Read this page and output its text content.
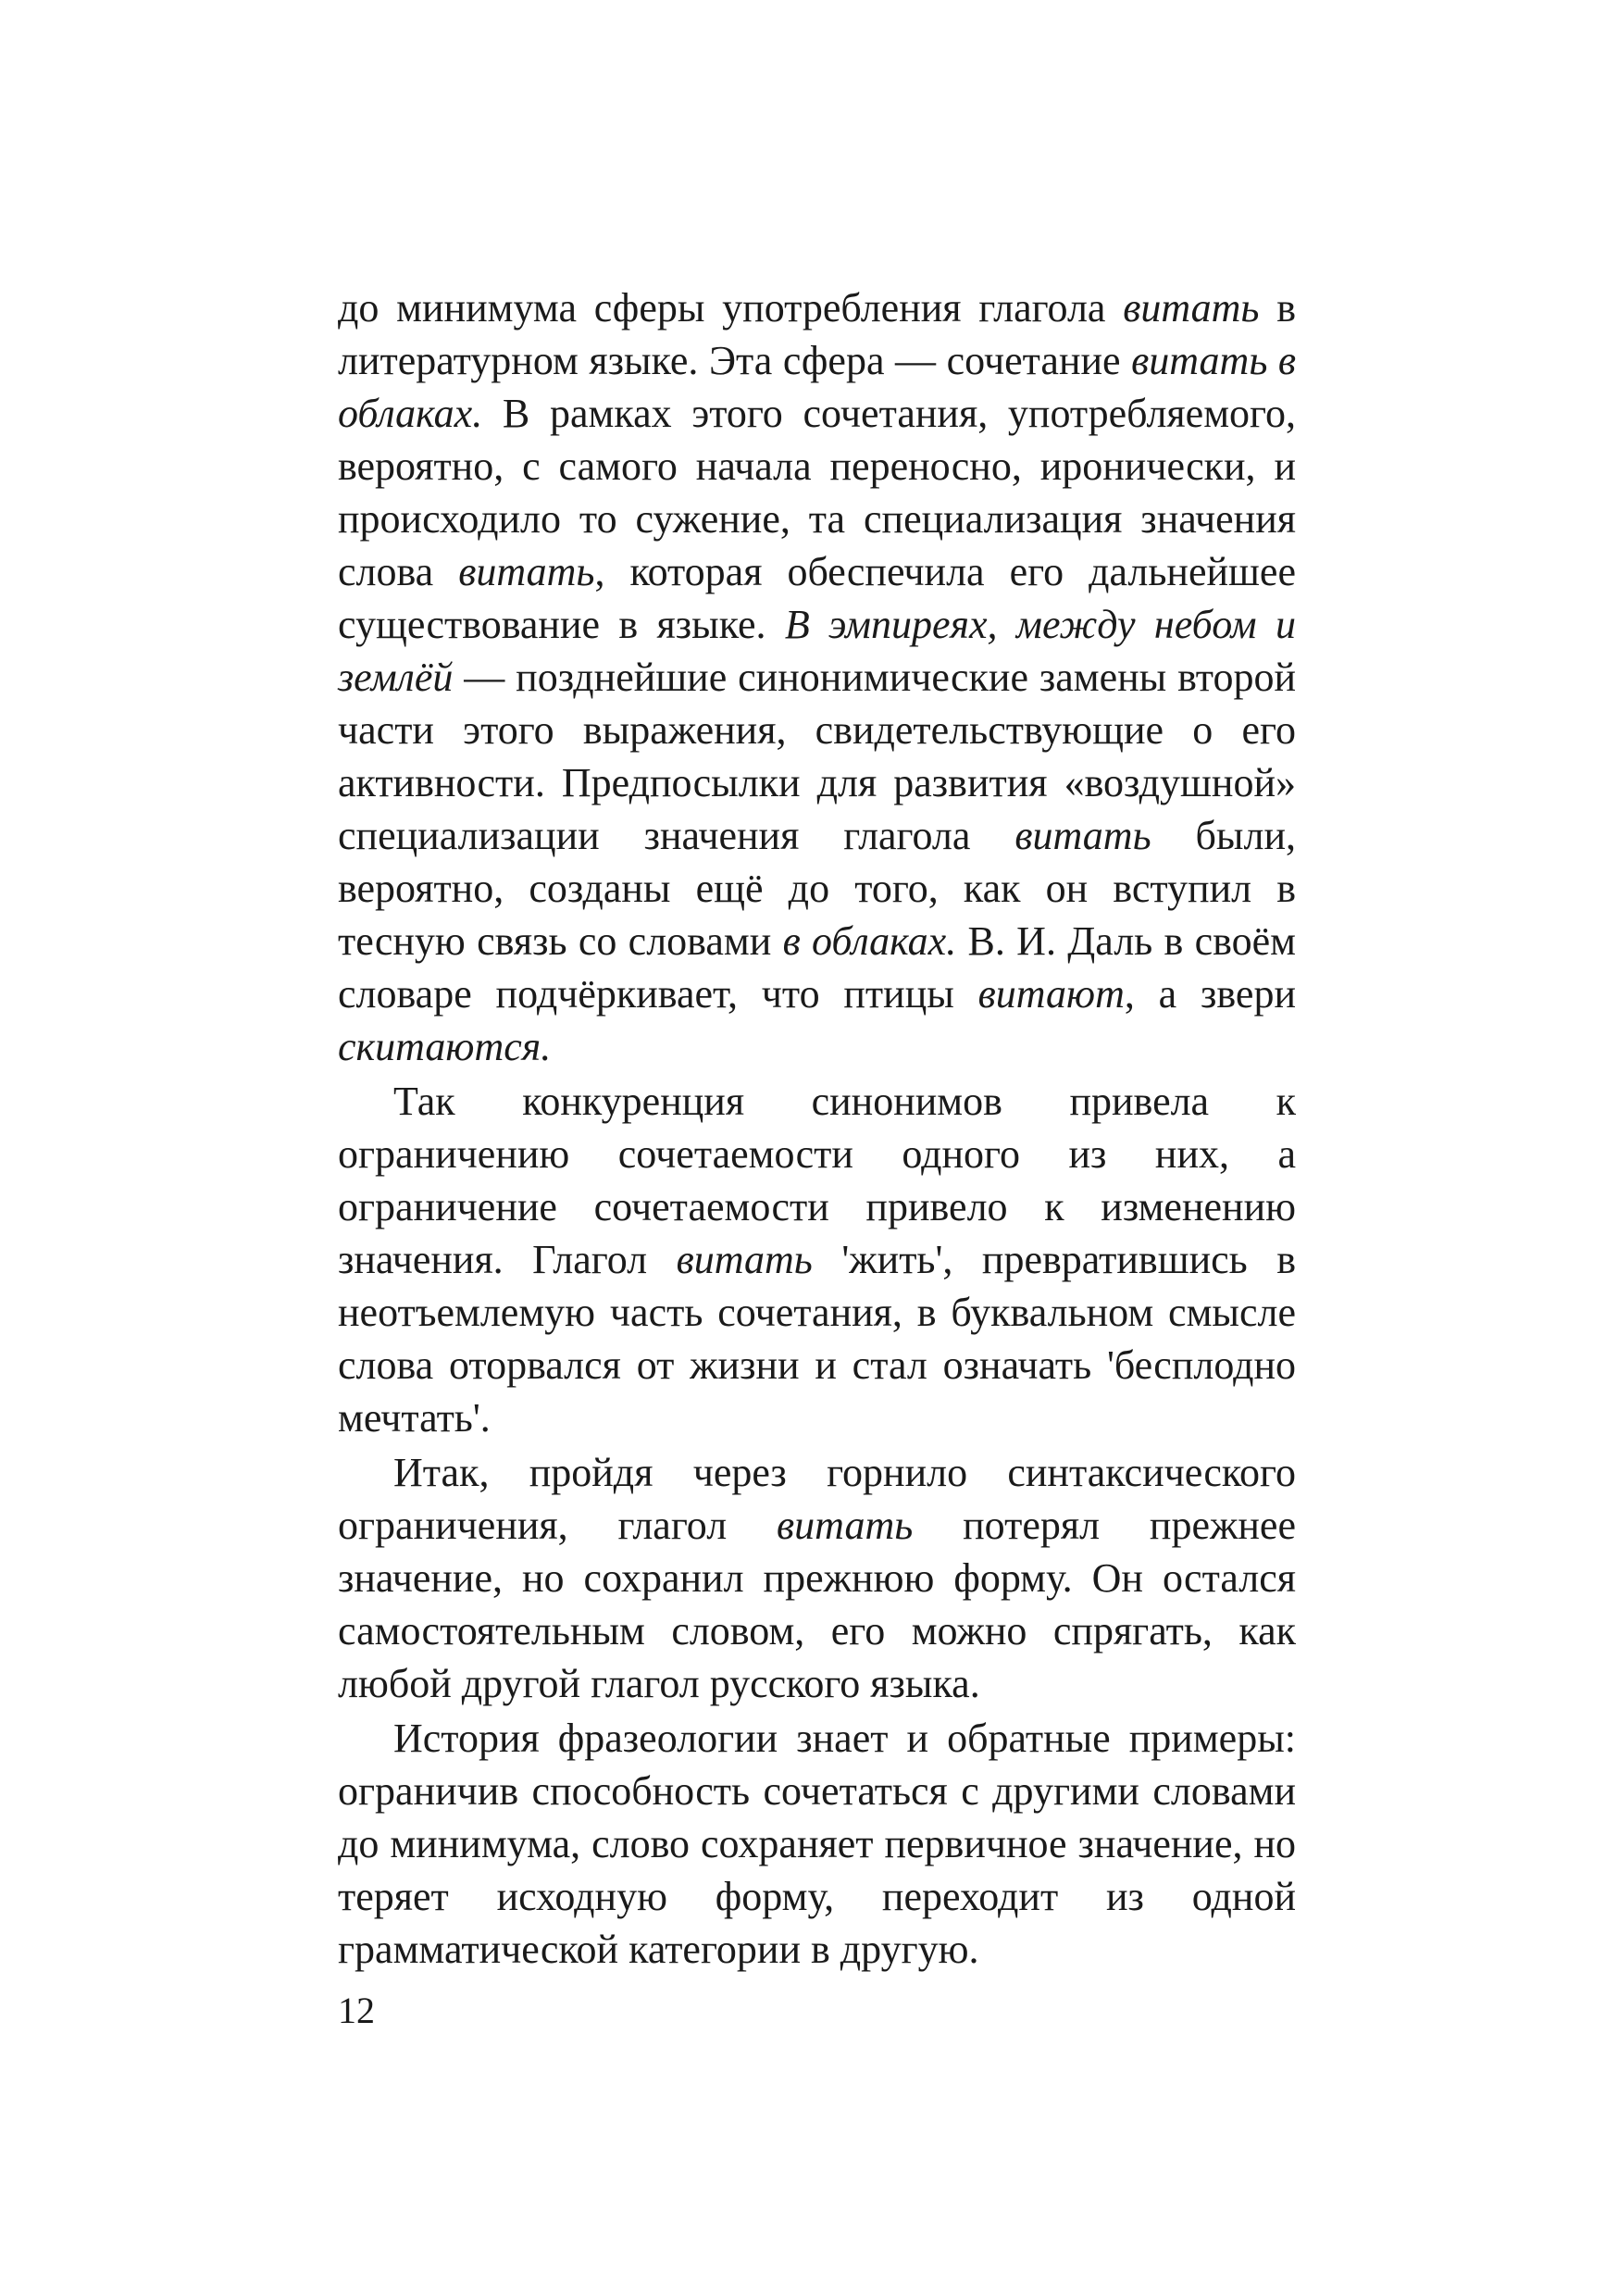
до минимума сферы употребления глагола витать в литературном языке. Эта сфера — сочетание витать в облаках. В рамках этого сочетания, употребляемого, вероятно, с самого начала переносно, иронически, и происходило то сужение, та специализация значения слова витать, которая обеспечила его дальнейшее существование в языке. В эмпиреях, между небом и землёй — позднейшие синонимические замены второй части этого выражения, свидетельствующие о его активности. Предпосылки для развития «воздушной» специализации значения глагола витать были, вероятно, созданы ещё до того, как он вступил в тесную связь со словами в облаках. В. И. Даль в своём словаре подчёркивает, что птицы витают, а звери скитаются.

Так конкуренция синонимов привела к ограничению сочетаемости одного из них, а ограничение сочетаемости привело к изменению значения. Глагол витать 'жить', превратившись в неотъемлемую часть сочетания, в буквальном смысле слова оторвался от жизни и стал означать 'бесплодно мечтать'.

Итак, пройдя через горнило синтаксического ограничения, глагол витать потерял прежнее значение, но сохранил прежнюю форму. Он остался самостоятельным словом, его можно спрягать, как любой другой глагол русского языка.

История фразеологии знает и обратные примеры: ограничив способность сочетаться с другими словами до минимума, слово сохраняет первичное значение, но теряет исходную форму, переходит из одной грамматической категории в другую.

12
